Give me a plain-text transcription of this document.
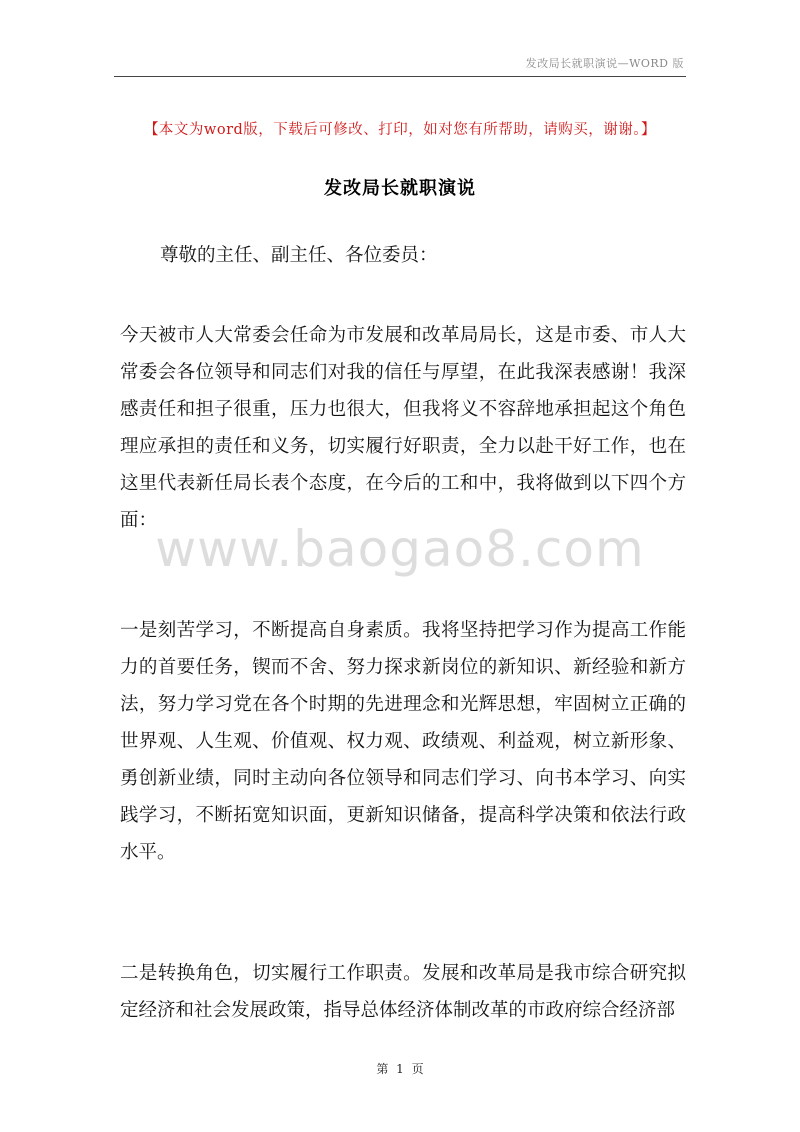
发改局长就职演说—WORD 版
【本文为word版，下载后可修改、打印，如对您有所帮助，请购买，谢谢。】
发改局长就职演说
尊敬的主任、副主任、各位委员：
今天被市人大常委会任命为市发展和改革局局长，这是市委、市人大常委会各位领导和同志们对我的信任与厚望，在此我深表感谢！我深感责任和担子很重，压力也很大，但我将义不容辞地承担起这个角色理应承担的责任和义务，切实履行好职责，全力以赴干好工作，也在这里代表新任局长表个态度，在今后的工和中，我将做到以下四个方面：
一是刻苦学习，不断提高自身素质。我将坚持把学习作为提高工作能力的首要任务，锲而不舍、努力探求新岗位的新知识、新经验和新方法，努力学习党在各个时期的先进理念和光辉思想，牢固树立正确的世界观、人生观、价值观、权力观、政绩观、利益观，树立新形象、勇创新业绩，同时主动向各位领导和同志们学习、向书本学习、向实践学习，不断拓宽知识面，更新知识储备，提高科学决策和依法行政水平。
二是转换角色，切实履行工作职责。发展和改革局是我市综合研究拟定经济和社会发展政策，指导总体经济体制改革的市政府综合经济部
www.baogao8.com
第 1 页
